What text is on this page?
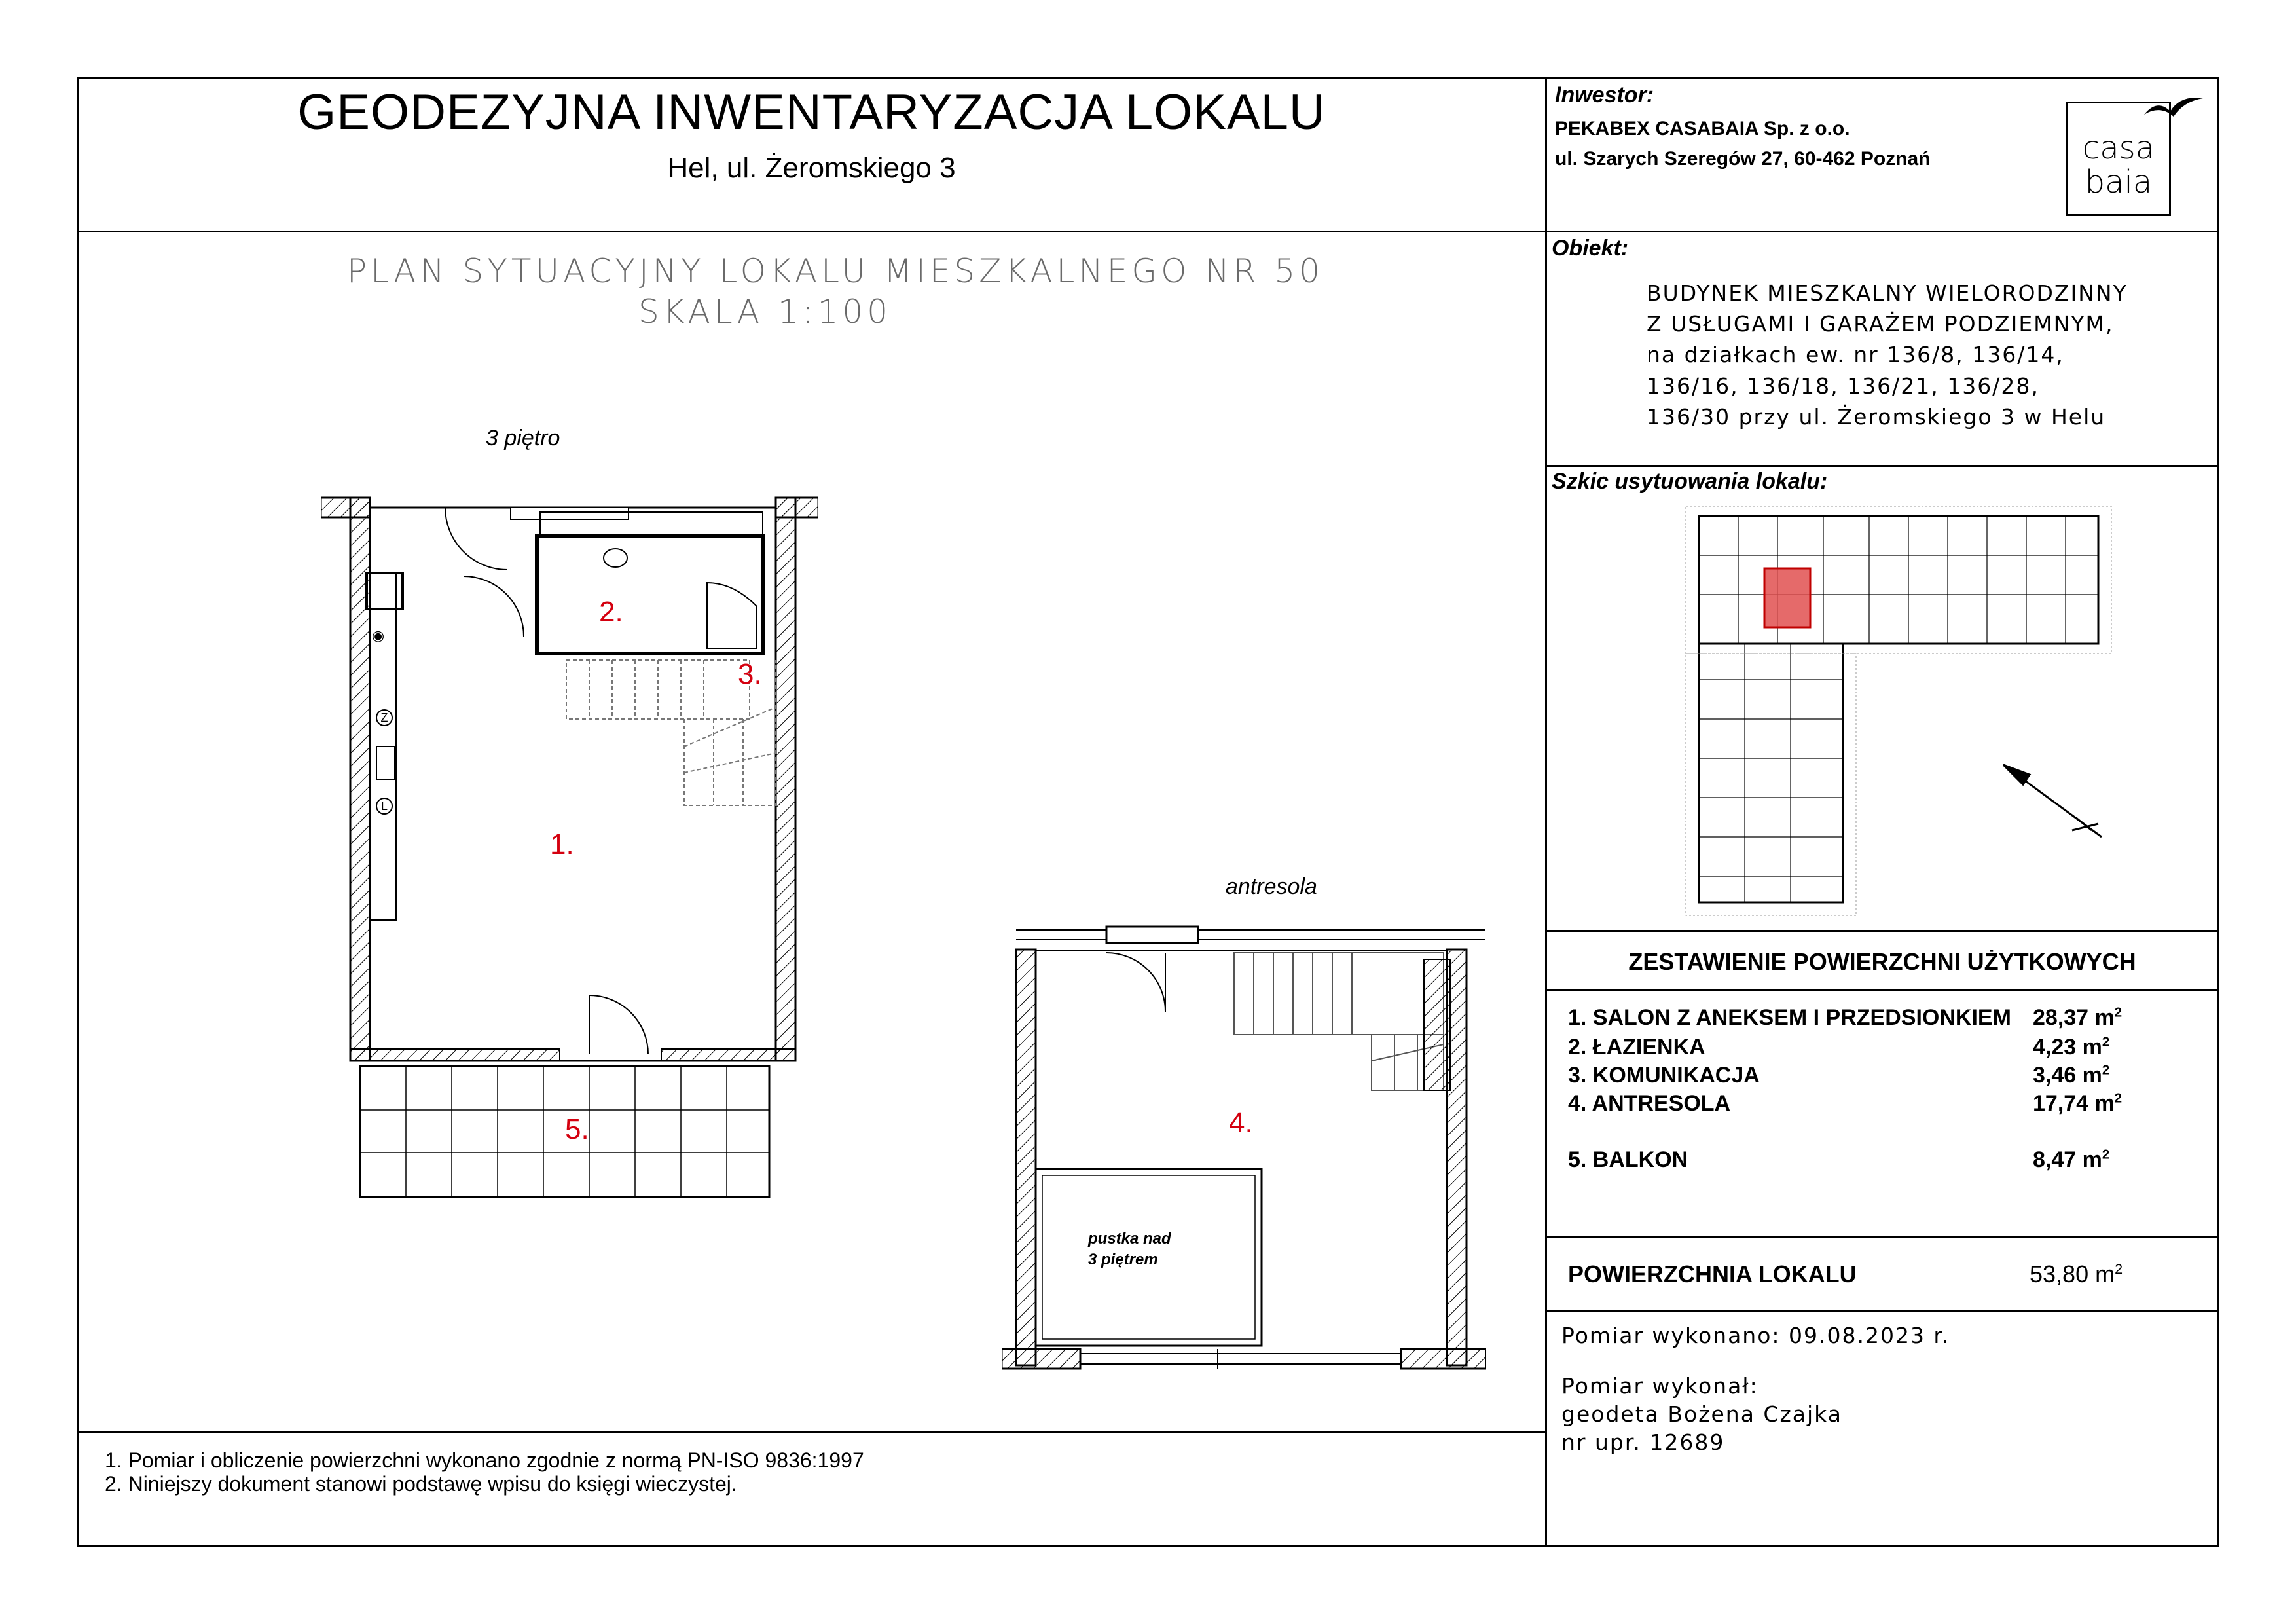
GEODEZYJNA INWENTARYZACJA LOKALU
Hel, ul. Żeromskiego 3
Inwestor:
PEKABEX CASABAIA Sp. z o.o.
ul. Szarych Szeregów 27, 60-462 Poznań	casa
baia
PLAN SYTUACYJNY LOKALU MIESZKALNEGO NR 50
SKALA 1:100
3 piętro
antresola
◉
Z
L
1.
2.
3.
5.	4.
pustka nad
3 piętrem
Obiekt:
BUDYNEK MIESZKALNY WIELORODZINNY
Z USŁUGAMI I GARAŻEM PODZIEMNYM,
na działkach ew. nr 136/8, 136/14,
136/16, 136/18, 136/21, 136/28,
136/30 przy ul. Żeromskiego 3 w Helu
Szkic usytuowania lokalu:
ZESTAWIENIE POWIERZCHNI UŻYTKOWYCH
1. SALON Z ANEKSEM I PRZEDSIONKIEM 28,37 $m^2$
2. ŁAZIENKA	4,23 $m^2$
3. KOMUNIKACJA	3,46 $m^2$
4. ANTRESOLA	17,74 $m^2$
5. BALKON	8,47 $m^2$
POWIERZCHNIA LOKALU	53,80 $m^2$
Pomiar wykonano: 09.08.2023 r.
Pomiar wykonał:
geodeta Bożena Czajka
nr upr. 12689
1. Pomiar i obliczenie powierzchni wykonano zgodnie z normą PN-ISO 9836:1997
2. Niniejszy dokument stanowi podstawę wpisu do księgi wieczystej.
